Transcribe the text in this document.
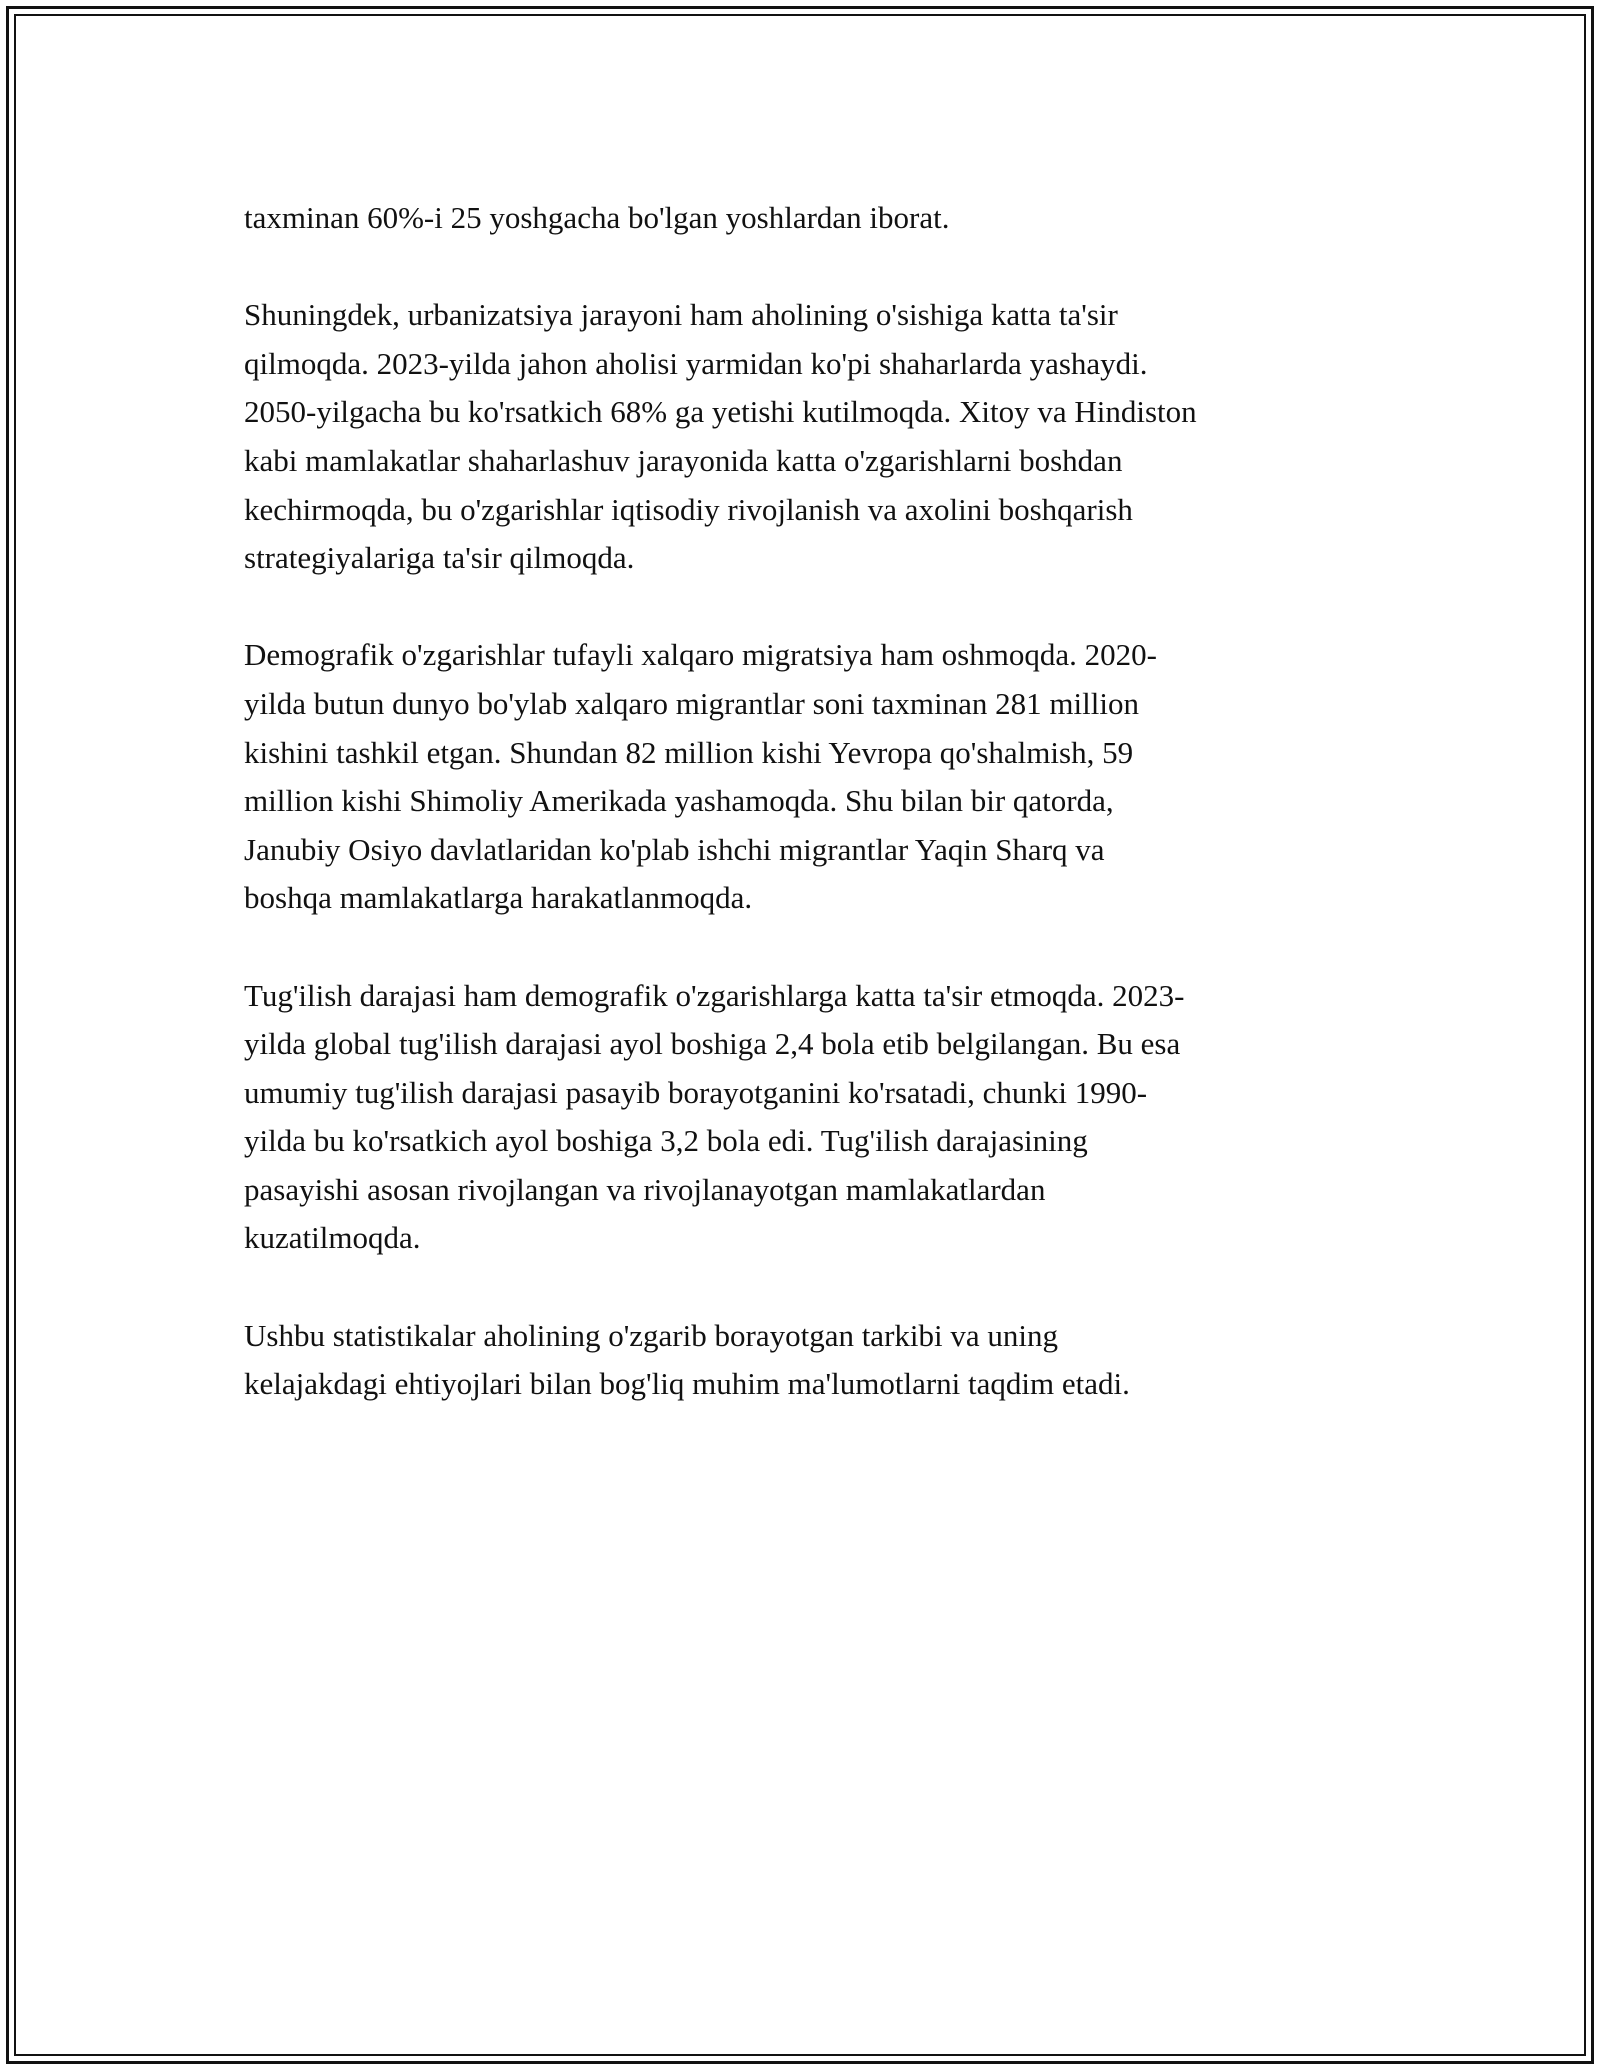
taxminan 60%-i 25 yoshgacha bo'lgan yoshlardan iborat.

Shuningdek, urbanizatsiya jarayoni ham aholining o'sishiga katta ta'sir
qilmoqda. 2023-yilda jahon aholisi yarmidan ko'pi shaharlarda yashaydi.
2050-yilgacha bu ko'rsatkich 68% ga yetishi kutilmoqda. Xitoy va Hindiston
kabi mamlakatlar shaharlashuv jarayonida katta o'zgarishlarni boshdan
kechirmoqda, bu o'zgarishlar iqtisodiy rivojlanish va axolini boshqarish
strategiyalariga ta'sir qilmoqda.

Demografik o'zgarishlar tufayli xalqaro migratsiya ham oshmoqda. 2020-
yilda butun dunyo bo'ylab xalqaro migrantlar soni taxminan 281 million
kishini tashkil etgan. Shundan 82 million kishi Yevropa qo'shalmish, 59
million kishi Shimoliy Amerikada yashamoqda. Shu bilan bir qatorda,
Janubiy Osiyo davlatlaridan ko'plab ishchi migrantlar Yaqin Sharq va
boshqa mamlakatlarga harakatlanmoqda.

Tug'ilish darajasi ham demografik o'zgarishlarga katta ta'sir etmoqda. 2023-
yilda global tug'ilish darajasi ayol boshiga 2,4 bola etib belgilangan. Bu esa
umumiy tug'ilish darajasi pasayib borayotganini ko'rsatadi, chunki 1990-
yilda bu ko'rsatkich ayol boshiga 3,2 bola edi. Tug'ilish darajasining
pasayishi asosan rivojlangan va rivojlanayotgan mamlakatlardan
kuzatilmoqda.

Ushbu statistikalar aholining o'zgarib borayotgan tarkibi va uning
kelajakdagi ehtiyojlari bilan bog'liq muhim ma'lumotlarni taqdim etadi.
